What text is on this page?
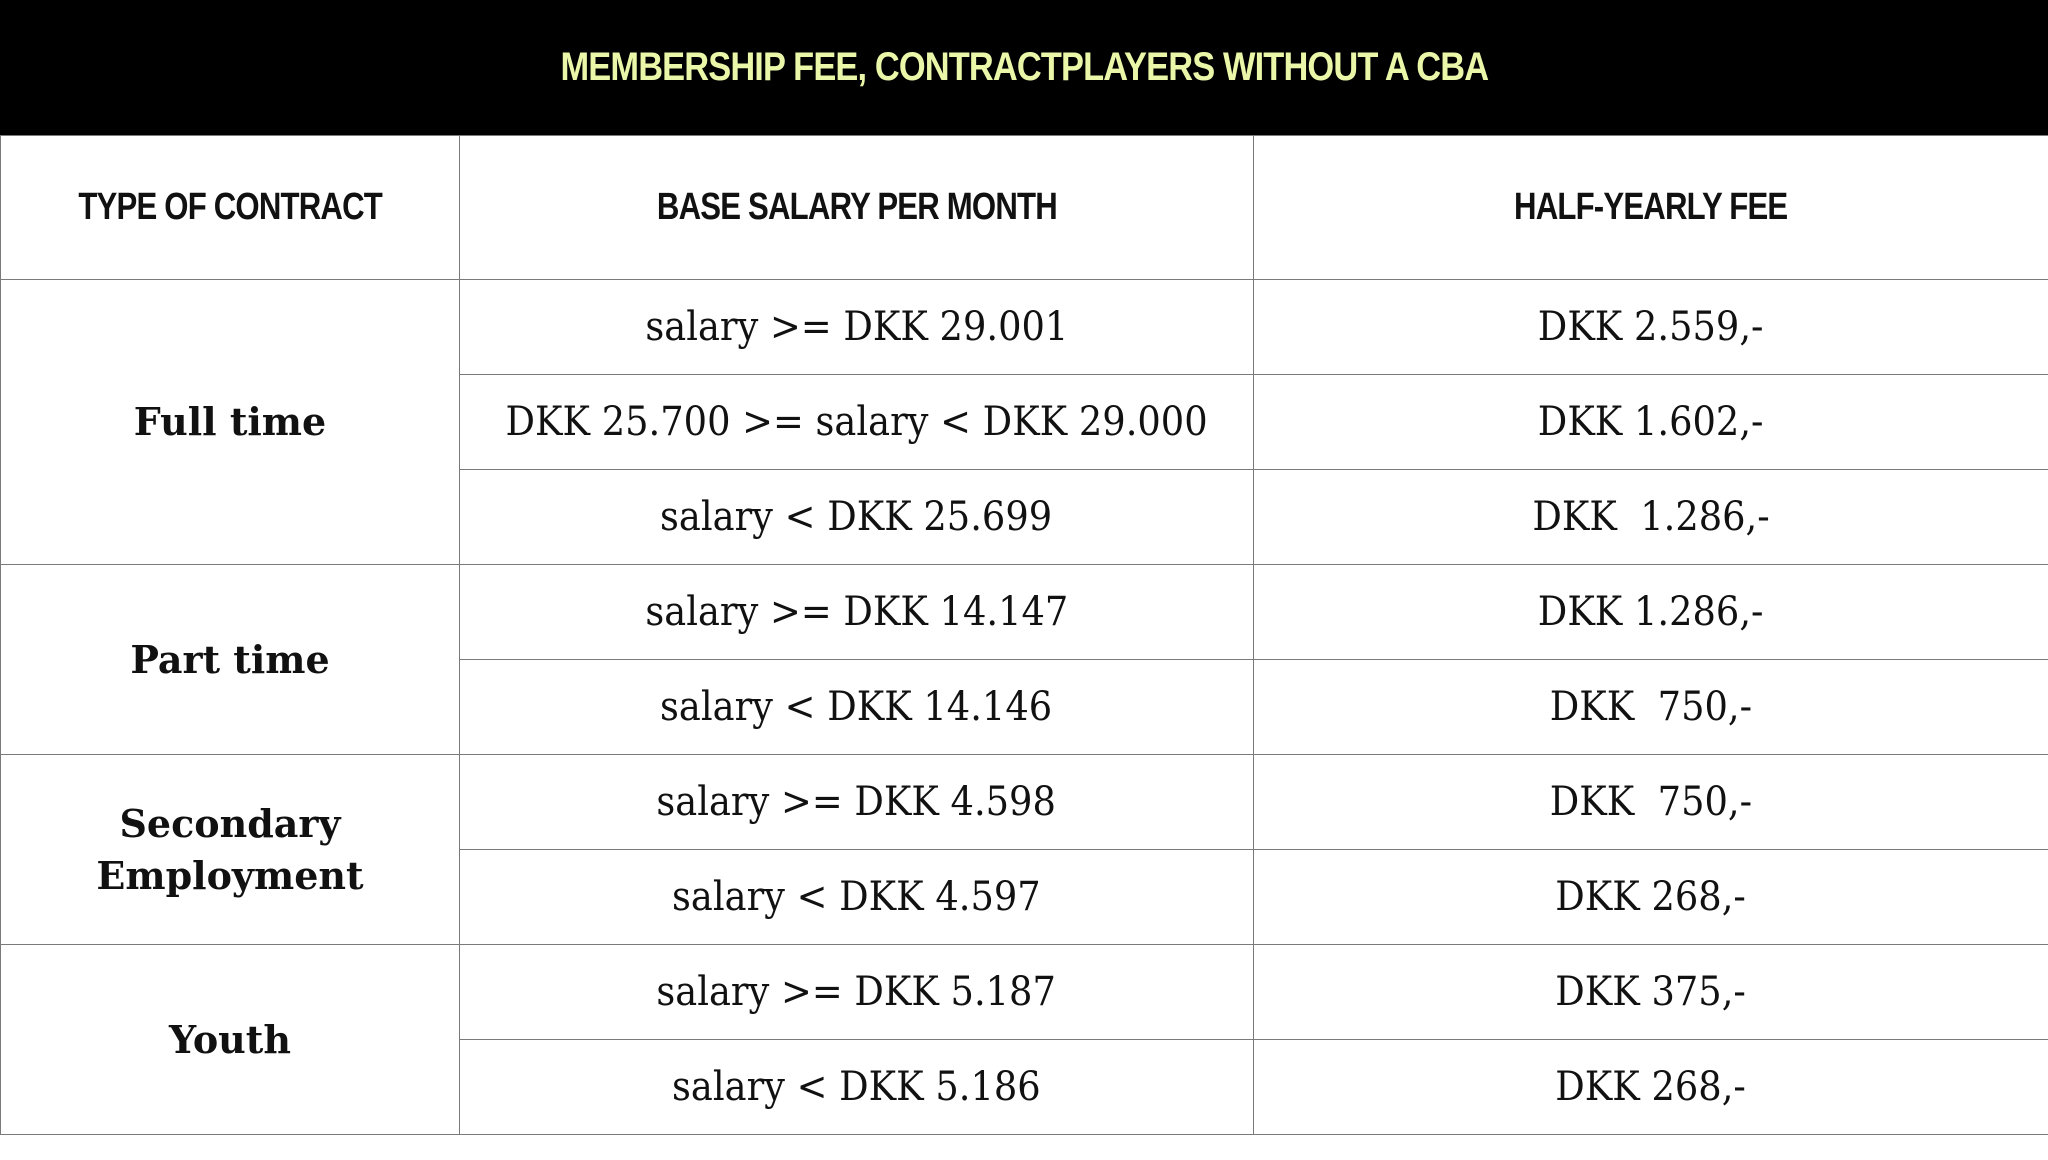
MEMBERSHIP FEE, CONTRACTPLAYERS WITHOUT A CBA
TYPE OF CONTRACT	BASE SALARY PER MONTH	HALF-YEARLY FEE
Full time	salary >= DKK 29.001	DKK 2.559,-
	DKK 25.700 >= salary < DKK 29.000	DKK 1.602,-
	salary < DKK 25.699	DKK  1.286,-
Part time	salary >= DKK 14.147	DKK 1.286,-
	salary < DKK 14.146	DKK  750,-
Secondary Employment	salary >= DKK 4.598	DKK  750,-
	salary < DKK 4.597	DKK 268,-
Youth	salary >= DKK 5.187	DKK 375,-
	salary < DKK 5.186	DKK 268,-
